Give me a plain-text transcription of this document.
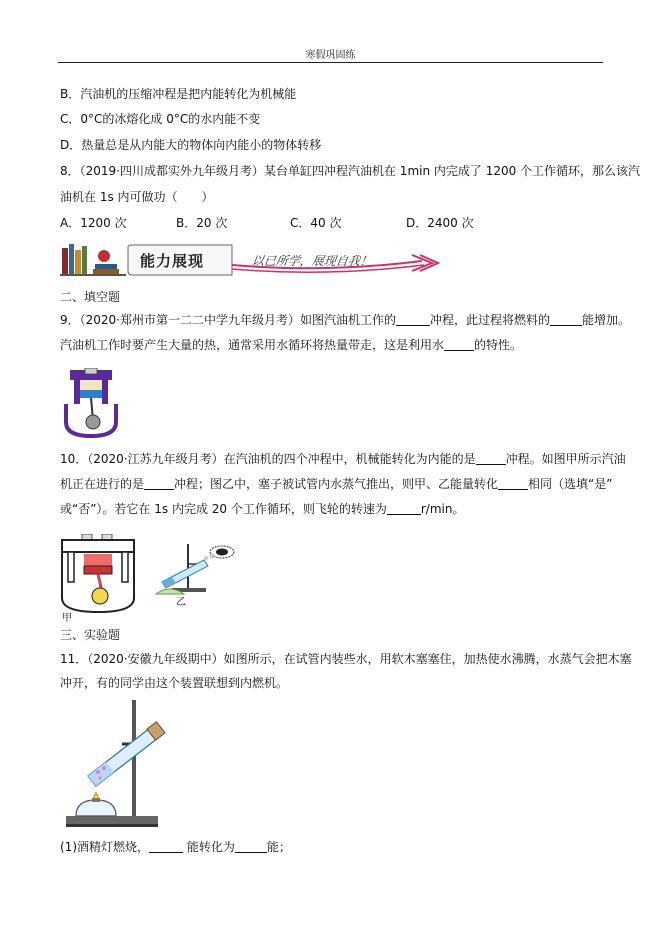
寒假巩固练
B．汽油机的压缩冲程是把内能转化为机械能
C．0°C的冰熔化成 0°C的水内能不变
D．热量总是从内能大的物体向内能小的物体转移
8．（2019·四川成都实外九年级月考）某台单缸四冲程汽油机在 1min 内完成了 1200 个工作循环，那么该汽
油机在 1s 内可做功（　　）
A．1200 次	B．20 次	C．40 次	D．2400 次
能力展现	以已所学，展现自我！
二、填空题
9．（2020·郑州市第一二二中学九年级月考）如图汽油机工作的	冲程，此过程将燃料的	能增加。
汽油机工作时要产生大量的热，通常采用水循环将热量带走，这是利用水	的特性。
10．（2020·江苏九年级月考）在汽油机的四个冲程中，机械能转化为内能的是	冲程。如图甲所示汽油
机正在进行的是	冲程；图乙中，塞子被试管内水蒸气推出，则甲、乙能量转化	相同（选填“是”
或“否”）。若它在 1s 内完成 20 个工作循环，则飞轮的转速为	r/min。
甲
乙
三、实验题
11．（2020·安徽九年级期中）如图所示，在试管内装些水，用软木塞塞住，加热使水沸腾，水蒸气会把木塞
冲开，有的同学由这个装置联想到内燃机。
(1)酒精灯燃烧，	能转化为	能；
